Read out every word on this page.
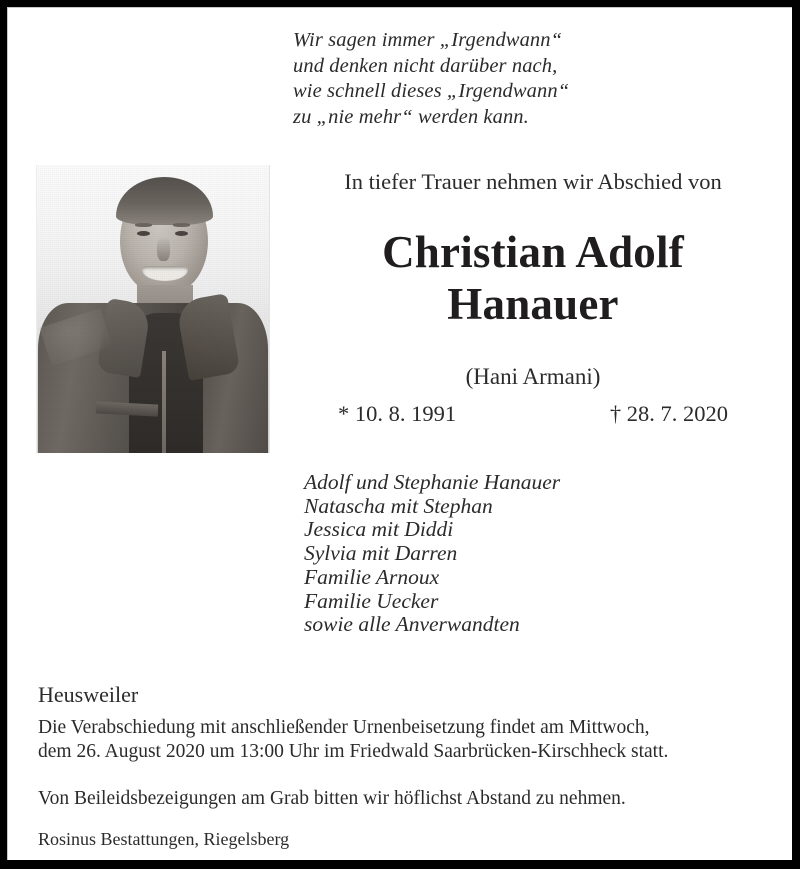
Wir sagen immer „Irgendwann“
und denken nicht darüber nach,
wie schnell dieses „Irgendwann“
zu „nie mehr“ werden kann.
In tiefer Trauer nehmen wir Abschied von
Christian Adolf
Hanauer
(Hani Armani)
* 10. 8. 1991	† 28. 7. 2020
Adolf und Stephanie Hanauer
Natascha mit Stephan
Jessica mit Diddi
Sylvia mit Darren
Familie Arnoux
Familie Uecker
sowie alle Anverwandten
Heusweiler
Die Verabschiedung mit anschließender Urnenbeisetzung findet am Mittwoch,
dem 26. August 2020 um 13:00 Uhr im Friedwald Saarbrücken-Kirschheck statt.
Von Beileidsbezeigungen am Grab bitten wir höflichst Abstand zu nehmen.
Rosinus Bestattungen, Riegelsberg
